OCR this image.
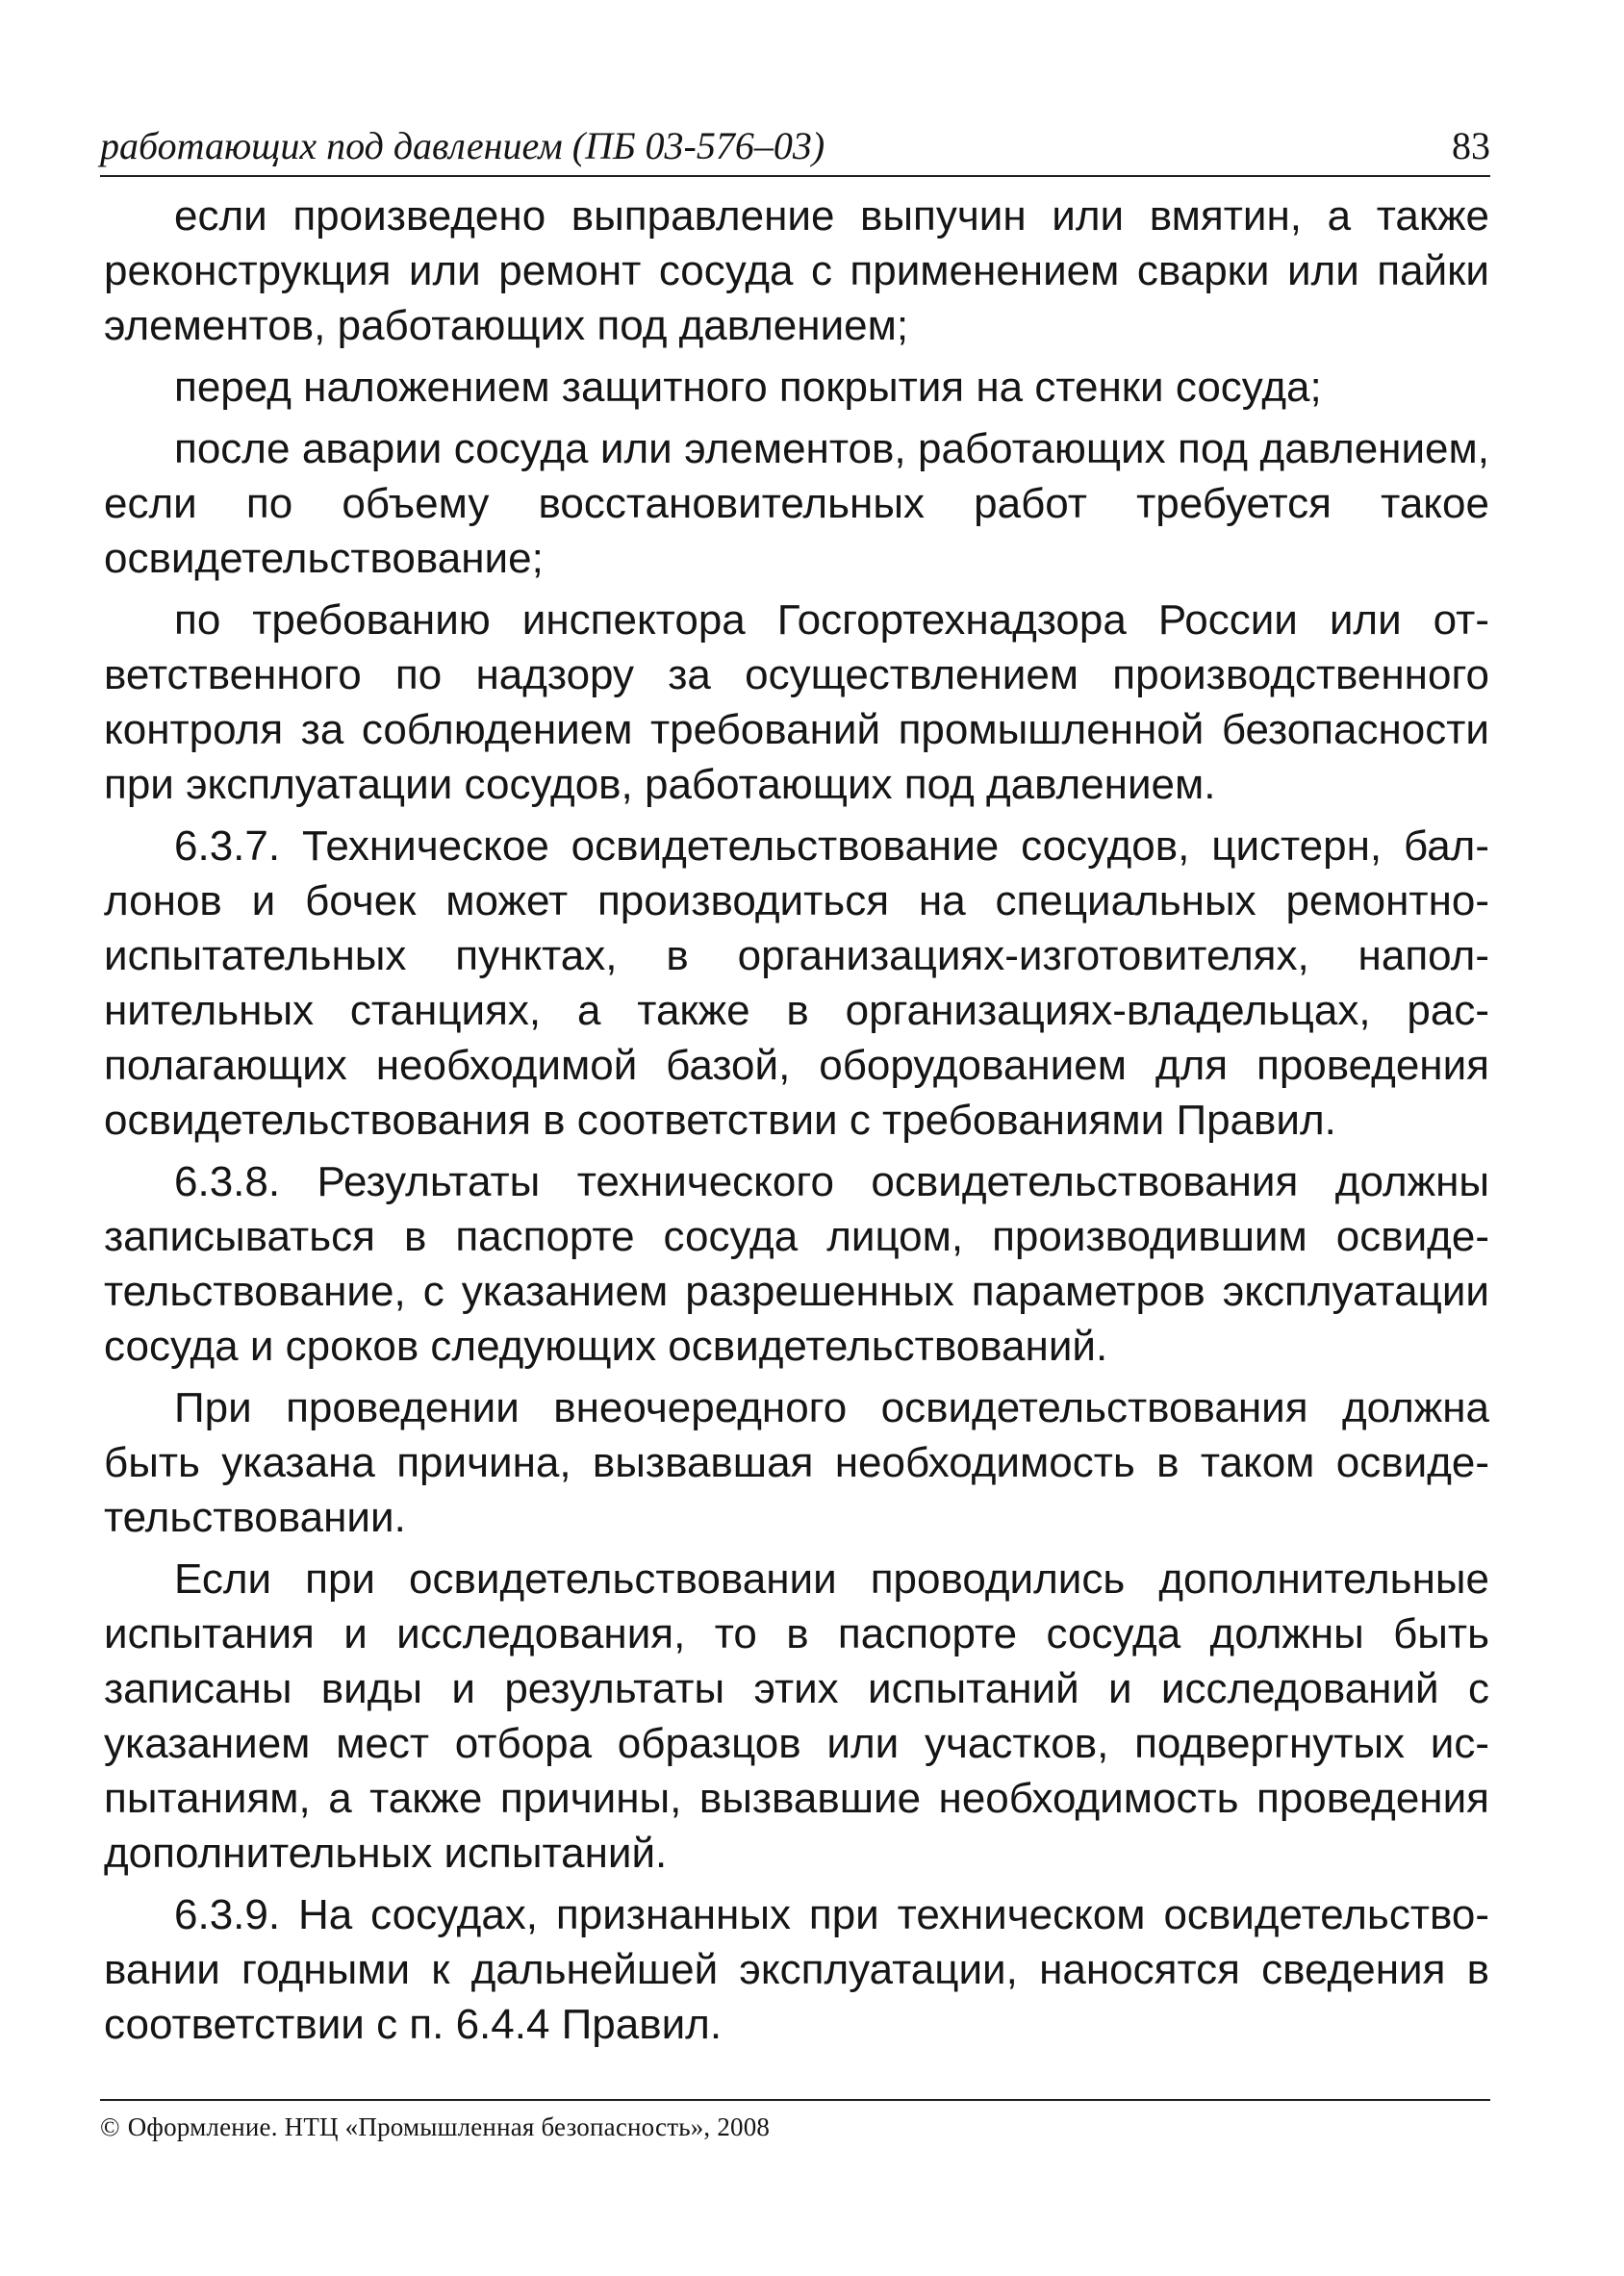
работающих под давлением (ПБ 03-576–03)	83

если произведено выправление выпучин или вмятин, а также реконструкция или ремонт сосуда с применением сварки или пайки элементов, работающих под давлением;

перед наложением защитного покрытия на стенки сосуда;

после аварии сосуда или элементов, работающих под давлением, если по объему восстановительных работ требуется такое освидетельствование;

по требованию инспектора Госгортехнадзора России или ответственного по надзору за осуществлением производственного контроля за соблюдением требований промышленной безопасности при эксплуатации сосудов, работающих под давлением.

6.3.7. Техническое освидетельствование сосудов, цистерн, баллонов и бочек может производиться на специальных ремонтно-испытательных пунктах, в организациях-изготовителях, наполнительных станциях, а также в организациях-владельцах, располагающих необходимой базой, оборудованием для проведения освидетельствования в соответствии с требованиями Правил.

6.3.8. Результаты технического освидетельствования должны записываться в паспорте сосуда лицом, производившим освидетельствование, с указанием разрешенных параметров эксплуатации сосуда и сроков следующих освидетельствований.

При проведении внеочередного освидетельствования должна быть указана причина, вызвавшая необходимость в таком освидетельствовании.

Если при освидетельствовании проводились дополнительные испытания и исследования, то в паспорте сосуда должны быть записаны виды и результаты этих испытаний и исследований с указанием мест отбора образцов или участков, подвергнутых испытаниям, а также причины, вызвавшие необходимость проведения дополнительных испытаний.

6.3.9. На сосудах, признанных при техническом освидетельствовании годными к дальнейшей эксплуатации, наносятся сведения в соответствии с п. 6.4.4 Правил.

© Оформление. НТЦ «Промышленная безопасность», 2008
